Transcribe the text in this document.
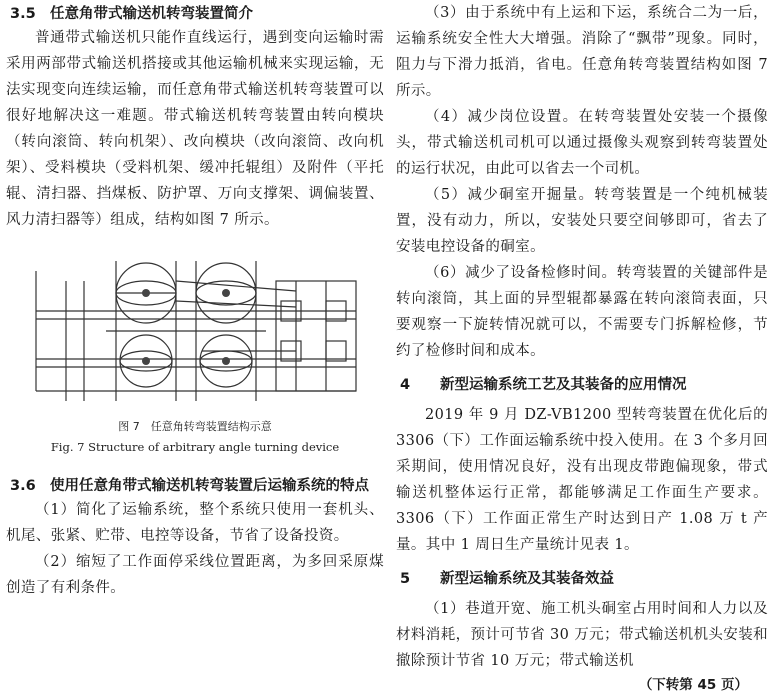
3.5 任意角带式输送机转弯装置简介

普通带式输送机只能作直线运行，遇到变向运输时需采用两部带式输送机搭接或其他运输机械来实现运输，无法实现变向连续运输，而任意角带式输送机转弯装置可以很好地解决这一难题。带式输送机转弯装置由转向模块（转向滚筒、转向机架）、改向模块（改向滚筒、改向机架）、受料模块（受料机架、缓冲托辊组）及附件（平托辊、清扫器、挡煤板、防护罩、万向支撑架、调偏装置、风力清扫器等）组成，结构如图 7 所示。

图 7　任意角转弯装置结构示意

Fig. 7 Structure of arbitrary angle turning device

3.6 使用任意角带式输送机转弯装置后运输系统的特点

（1）简化了运输系统，整个系统只使用一套机头、机尾、张紧、贮带、电控等设备，节省了设备投资。

（2）缩短了工作面停采线位置距离，为多回采原煤创造了有利条件。

（3）由于系统中有上运和下运，系统合二为一后，运输系统安全性大大增强。消除了“飘带”现象。同时，阻力与下滑力抵消，省电。任意角转弯装置结构如图 7 所示。

（4）减少岗位设置。在转弯装置处安装一个摄像头，带式输送机司机可以通过摄像头观察到转弯装置处的运行状况，由此可以省去一个司机。

（5）减少硐室开掘量。转弯装置是一个纯机械装置，没有动力，所以，安装处只要空间够即可，省去了安装电控设备的硐室。

（6）减少了设备检修时间。转弯装置的关键部件是转向滚筒，其上面的异型辊都暴露在转向滚筒表面，只要观察一下旋转情况就可以，不需要专门拆解检修，节约了检修时间和成本。

4	新型运输系统工艺及其装备的应用情况

2019 年 9 月 DZ-VB1200 型转弯装置在优化后的 3306（下）工作面运输系统中投入使用。在 3 个多月回采期间，使用情况良好，没有出现皮带跑偏现象，带式输送机整体运行正常，都能够满足工作面生产要求。3306（下）工作面正常生产时达到日产 1.08 万 t 产量。其中 1 周日生产量统计见表 1。

5	新型运输系统及其装备效益

（1）巷道开宽、施工机头硐室占用时间和人力以及材料消耗，预计可节省 30 万元；带式输送机机头安装和撤除预计节省 10 万元；带式输送机

（下转第 45 页）
